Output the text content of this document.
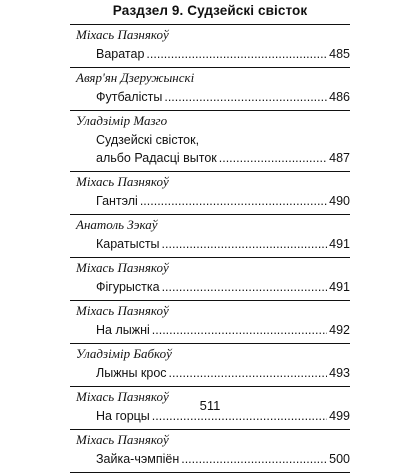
Раздзел 9. Судзейскі свісток
Міхась Пазнякоў
Варатар .....	485
Авяр'ян Дзеружынскі
Футбалісты .....	486
Уладзімір Мазго
Судзейскі свісток,
альбо Радасці выток .....	487
Міхась Пазнякоў
Гантэлі .....	490
Анатоль Зэкаў
Каратысты .....	491
Міхась Пазнякоў
Фігурыстка .....	491
Міхась Пазнякоў
На лыжні .....	492
Уладзімір Бабкоў
Лыжны крос .....	493
Міхась Пазнякоў
На горцы .....	499
Міхась Пазнякоў
Зайка-чэмпіён .....	500
511
